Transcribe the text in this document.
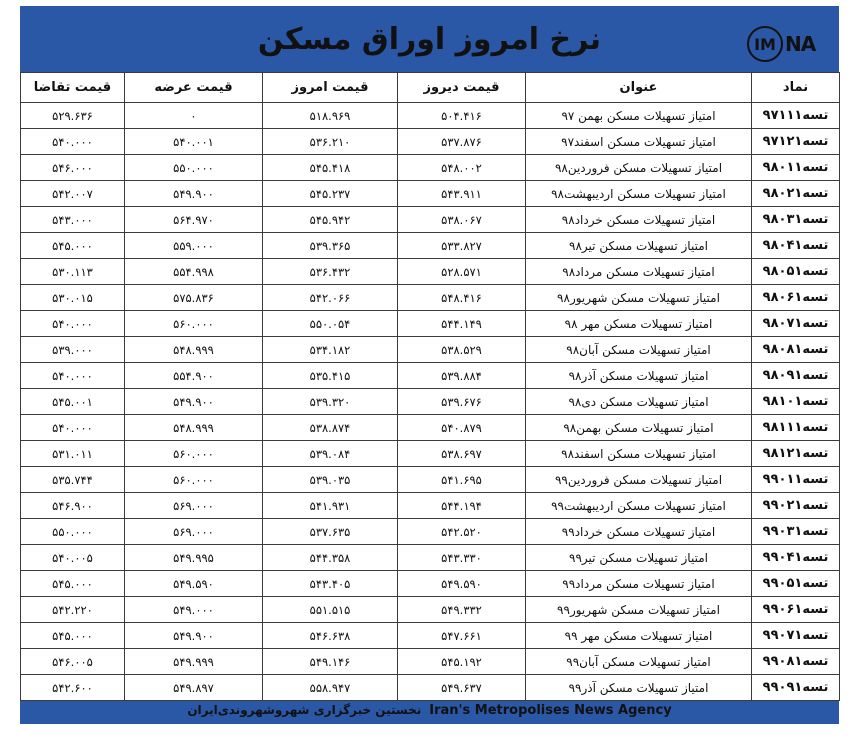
نرخ امروز اوراق مسکن	IM NA
نماد	عنوان	قیمت دیروز	قیمت امروز	قیمت عرضه	قیمت تقاضا
تسه۹۷۱۱۱	امتیاز تسهیلات مسکن بهمن ۹۷	۵۰۴.۴۱۶	۵۱۸.۹۶۹	۰	۵۲۹.۶۳۶
تسه۹۷۱۲۱	امتیاز تسهیلات مسکن اسفند۹۷	۵۳۷.۸۷۶	۵۳۶.۲۱۰	۵۴۰.۰۰۱	۵۴۰.۰۰۰
تسه۹۸۰۱۱	امتیاز تسهیلات مسکن فروردین۹۸	۵۴۸.۰۰۲	۵۴۵.۴۱۸	۵۵۰.۰۰۰	۵۴۶.۰۰۰
تسه۹۸۰۲۱	امتیاز تسهیلات مسکن اردیبهشت۹۸	۵۴۳.۹۱۱	۵۴۵.۲۳۷	۵۴۹.۹۰۰	۵۴۲.۰۰۷
تسه۹۸۰۳۱	امتیاز تسهیلات مسکن خرداد۹۸	۵۳۸.۰۶۷	۵۴۵.۹۴۲	۵۶۴.۹۷۰	۵۴۳.۰۰۰
تسه۹۸۰۴۱	امتیاز تسهیلات مسکن تیر۹۸	۵۳۳.۸۲۷	۵۳۹.۳۶۵	۵۵۹.۰۰۰	۵۴۵.۰۰۰
تسه۹۸۰۵۱	امتیاز تسهیلات مسکن مرداد۹۸	۵۲۸.۵۷۱	۵۳۶.۴۳۲	۵۵۴.۹۹۸	۵۳۰.۱۱۳
تسه۹۸۰۶۱	امتیاز تسهیلات مسکن شهریور۹۸	۵۴۸.۴۱۶	۵۴۲.۰۶۶	۵۷۵.۸۳۶	۵۳۰.۰۱۵
تسه۹۸۰۷۱	امتیاز تسهیلات مسکن مهر ۹۸	۵۴۴.۱۴۹	۵۵۰.۰۵۴	۵۶۰.۰۰۰	۵۴۰.۰۰۰
تسه۹۸۰۸۱	امتیاز تسهیلات مسکن آبان۹۸	۵۳۸.۵۲۹	۵۳۴.۱۸۲	۵۴۸.۹۹۹	۵۳۹.۰۰۰
تسه۹۸۰۹۱	امتیاز تسهیلات مسکن آذر۹۸	۵۳۹.۸۸۴	۵۳۵.۴۱۵	۵۵۴.۹۰۰	۵۴۰.۰۰۰
تسه۹۸۱۰۱	امتیاز تسهیلات مسکن دی۹۸	۵۳۹.۶۷۶	۵۳۹.۳۲۰	۵۴۹.۹۰۰	۵۴۵.۰۰۱
تسه۹۸۱۱۱	امتیاز تسهیلات مسکن بهمن۹۸	۵۴۰.۸۷۹	۵۳۸.۸۷۴	۵۴۸.۹۹۹	۵۴۰.۰۰۰
تسه۹۸۱۲۱	امتیاز تسهیلات مسکن اسفند۹۸	۵۳۸.۶۹۷	۵۳۹.۰۸۴	۵۶۰.۰۰۰	۵۳۱.۰۱۱
تسه۹۹۰۱۱	امتیاز تسهیلات مسکن فروردین۹۹	۵۴۱.۶۹۵	۵۳۹.۰۳۵	۵۶۰.۰۰۰	۵۳۵.۷۴۴
تسه۹۹۰۲۱	امتیاز تسهیلات مسکن اردیبهشت۹۹	۵۴۴.۱۹۴	۵۴۱.۹۳۱	۵۶۹.۰۰۰	۵۴۶.۹۰۰
تسه۹۹۰۳۱	امتیاز تسهیلات مسکن خرداد۹۹	۵۴۲.۵۲۰	۵۳۷.۶۳۵	۵۶۹.۰۰۰	۵۵۰.۰۰۰
تسه۹۹۰۴۱	امتیاز تسهیلات مسکن تیر۹۹	۵۴۳.۳۳۰	۵۴۴.۳۵۸	۵۴۹.۹۹۵	۵۴۰.۰۰۵
تسه۹۹۰۵۱	امتیاز تسهیلات مسکن مرداد۹۹	۵۴۹.۵۹۰	۵۴۳.۴۰۵	۵۴۹.۵۹۰	۵۴۵.۰۰۰
تسه۹۹۰۶۱	امتیاز تسهیلات مسکن شهریور۹۹	۵۴۹.۳۳۲	۵۵۱.۵۱۵	۵۴۹.۰۰۰	۵۴۲.۲۲۰
تسه۹۹۰۷۱	امتیاز تسهیلات مسکن مهر ۹۹	۵۴۷.۶۶۱	۵۴۶.۶۳۸	۵۴۹.۹۰۰	۵۴۵.۰۰۰
تسه۹۹۰۸۱	امتیاز تسهیلات مسکن آبان۹۹	۵۴۵.۱۹۲	۵۴۹.۱۴۶	۵۴۹.۹۹۹	۵۴۶.۰۰۵
تسه۹۹۰۹۱	امتیاز تسهیلات مسکن آذر۹۹	۵۴۹.۶۳۷	۵۵۸.۹۴۷	۵۴۹.۸۹۷	۵۴۲.۶۰۰
نخستین خبرگزاری شهروشهروندی‌ایران Iran's Metropolises News Agency
